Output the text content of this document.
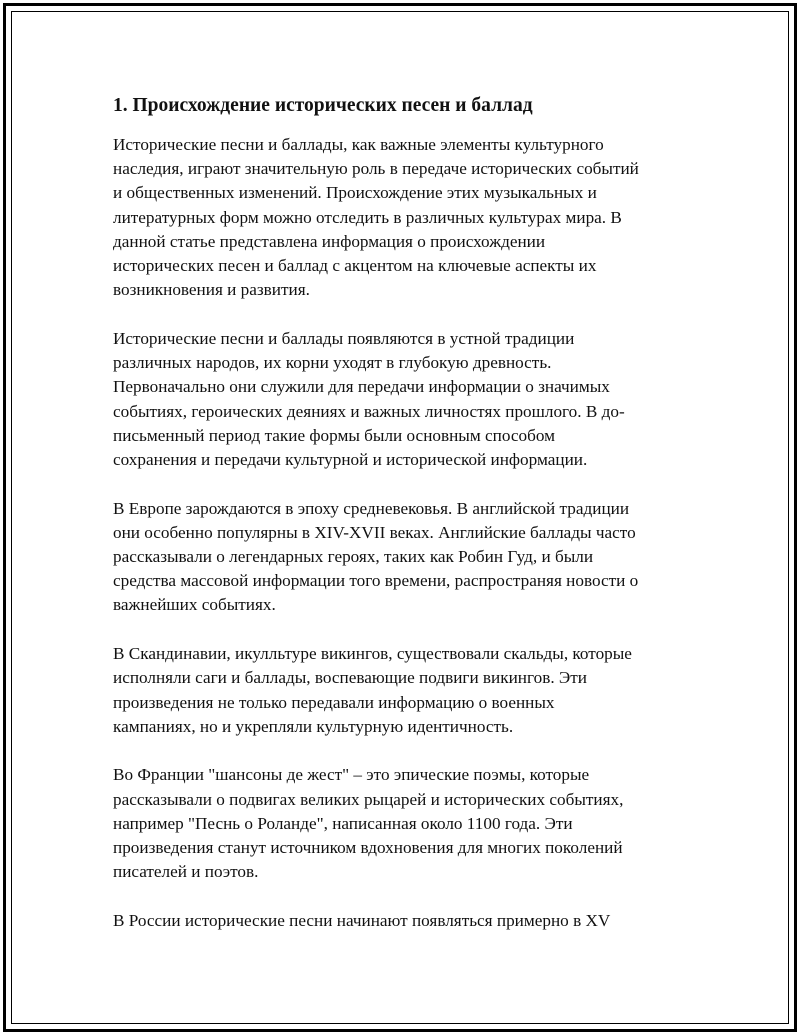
1. Происхождение исторических песен и баллад

Исторические песни и баллады, как важные элементы культурного
наследия, играют значительную роль в передаче исторических событий
и общественных изменений. Происхождение этих музыкальных и
литературных форм можно отследить в различных культурах мира. В
данной статье представлена информация о происхождении
исторических песен и баллад с акцентом на ключевые аспекты их
возникновения и развития.

Исторические песни и баллады появляются в устной традиции
различных народов, их корни уходят в глубокую древность.
Первоначально они служили для передачи информации о значимых
событиях, героических деяниях и важных личностях прошлого. В до-
письменный период такие формы были основным способом
сохранения и передачи культурной и исторической информации.

В Европе зарождаются в эпоху средневековья. В английской традиции
они особенно популярны в XIV-XVII веках. Английские баллады часто
рассказывали о легендарных героях, таких как Робин Гуд, и были
средства массовой информации того времени, распространяя новости о
важнейших событиях.

В Скандинавии, икулльтуре викингов, существовали скальды, которые
исполняли саги и баллады, воспевающие подвиги викингов. Эти
произведения не только передавали информацию о военных
кампаниях, но и укрепляли культурную идентичность.

Во Франции "шансоны де жест" – это эпические поэмы, которые
рассказывали о подвигах великих рыцарей и исторических событиях,
например "Песнь о Роланде", написанная около 1100 года. Эти
произведения станут источником вдохновения для многих поколений
писателей и поэтов.

В России исторические песни начинают появляться примерно в XV
